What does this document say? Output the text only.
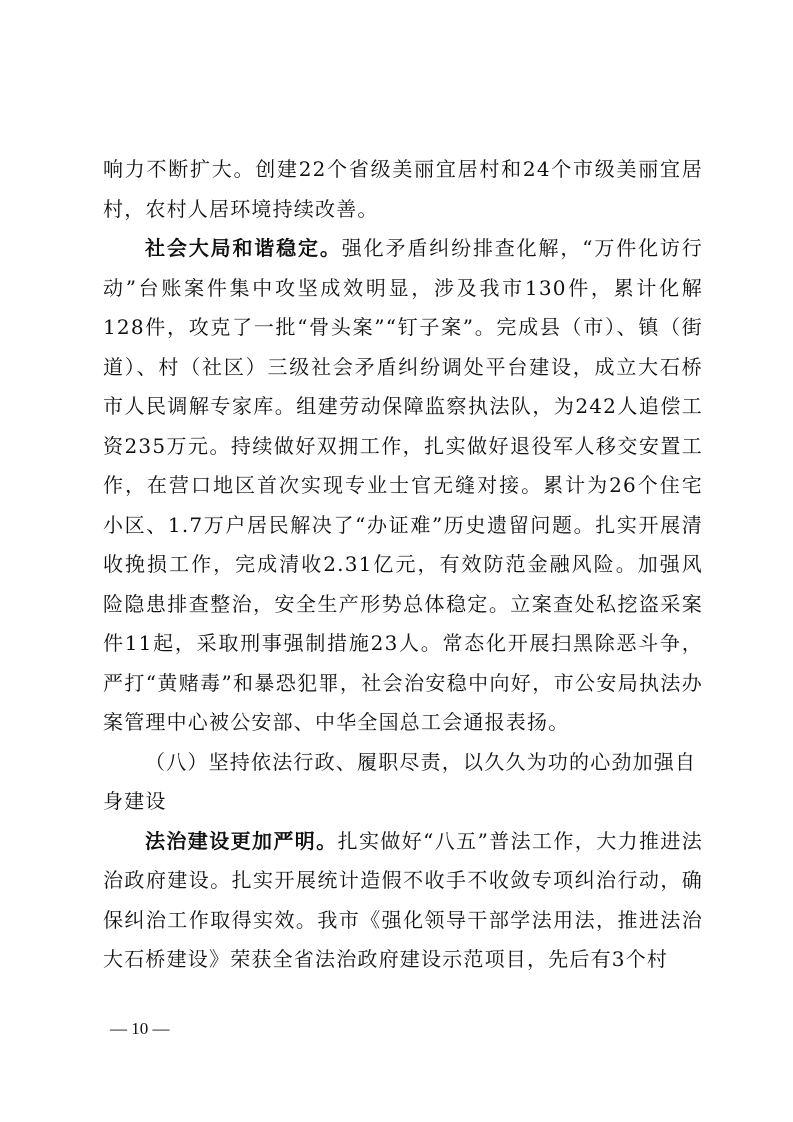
响力不断扩大。创建22个省级美丽宜居村和24个市级美丽宜居村，农村人居环境持续改善。

社会大局和谐稳定。强化矛盾纠纷排查化解，“万件化访行动”台账案件集中攻坚成效明显，涉及我市130件，累计化解128件，攻克了一批“骨头案”“钉子案”。完成县（市）、镇（街道）、村（社区）三级社会矛盾纠纷调处平台建设，成立大石桥市人民调解专家库。组建劳动保障监察执法队，为242人追偿工资235万元。持续做好双拥工作，扎实做好退役军人移交安置工作，在营口地区首次实现专业士官无缝对接。累计为26个住宅小区、1.7万户居民解决了“办证难”历史遗留问题。扎实开展清收挽损工作，完成清收2.31亿元，有效防范金融风险。加强风险隐患排查整治，安全生产形势总体稳定。立案查处私挖盗采案件11起，采取刑事强制措施23人。常态化开展扫黑除恶斗争，严打“黄赌毒”和暴恐犯罪，社会治安稳中向好，市公安局执法办案管理中心被公安部、中华全国总工会通报表扬。

（八）坚持依法行政、履职尽责，以久久为功的心劲加强自身建设

法治建设更加严明。扎实做好“八五”普法工作，大力推进法治政府建设。扎实开展统计造假不收手不收敛专项纠治行动，确保纠治工作取得实效。我市《强化领导干部学法用法，推进法治大石桥建设》荣获全省法治政府建设示范项目，先后有3个村

— 10 —
